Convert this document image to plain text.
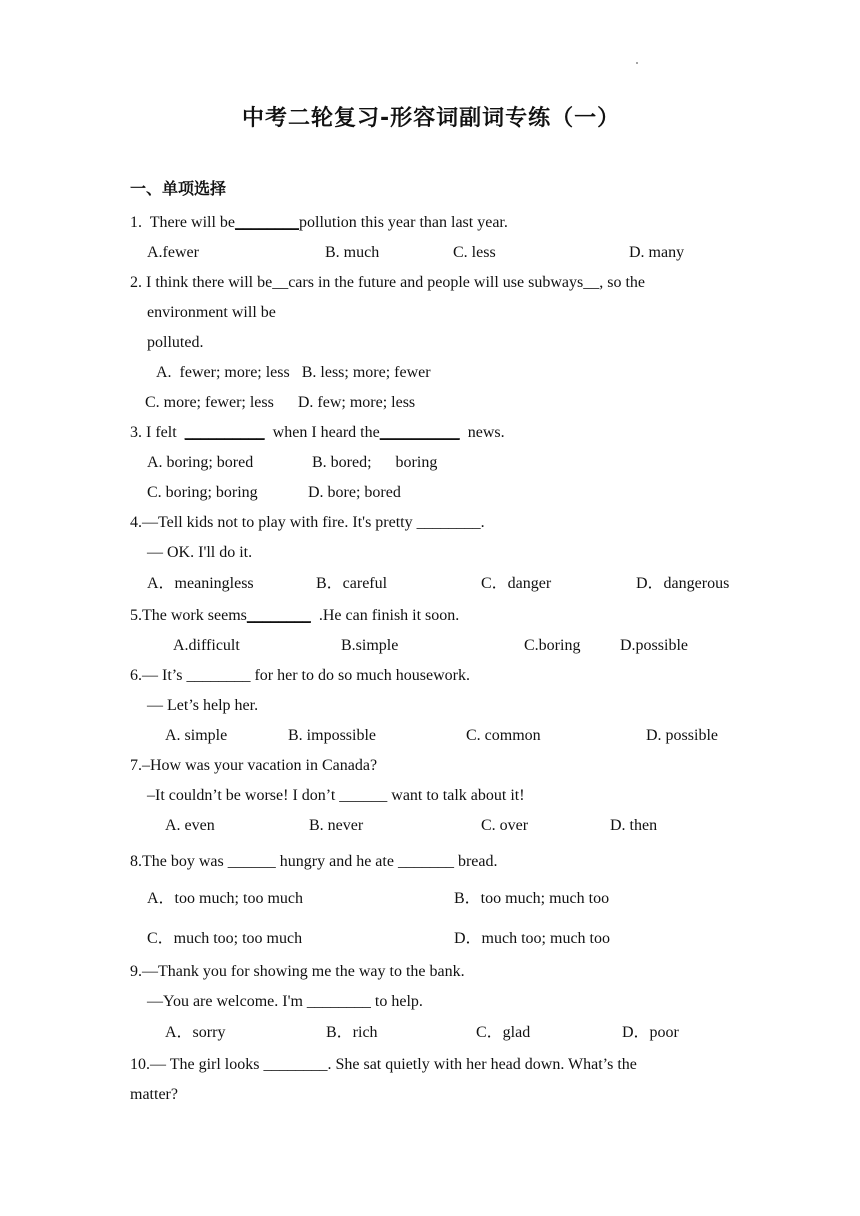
中考二轮复习-形容词副词专练（一）
一、单项选择
1.  There will be________pollution this year than last year.
A.fewer	B. much	C. less	D. many
2. I think there will be__cars in the future and people will use subways__, so the
environment will be
polluted.
A.  fewer; more; less   B. less; more; fewer
C. more; fewer; less      D. few; more; less
3. I felt  __________  when I heard the__________  news.
A. boring; bored	B. bored;      boring
C. boring; boring	D. bore; bored
4.—Tell kids not to play with fire. It's pretty ________.
— OK. I'll do it.
A．meaningless	B．careful	C．danger	D．dangerous
5.The work seems________  .He can finish it soon.
A.difficult	B.simple	C.boring D.possible
6.— It’s ________ for her to do so much housework.
— Let’s help her.
A. simple	B. impossible	C. common	D. possible
7.–How was your vacation in Canada?
–It couldn’t be worse! I don’t ______ want to talk about it!
A. even	B. never	C. over	D. then
8.The boy was ______ hungry and he ate _______ bread.
A．too much; too much	B．too much; much too
C．much too; too much	D．much too; much too
9.—Thank you for showing me the way to the bank.
—You are welcome. I'm ________ to help.
A．sorry	B．rich	C．glad	D．poor
10.— The girl looks ________. She sat quietly with her head down. What’s the
matter?
